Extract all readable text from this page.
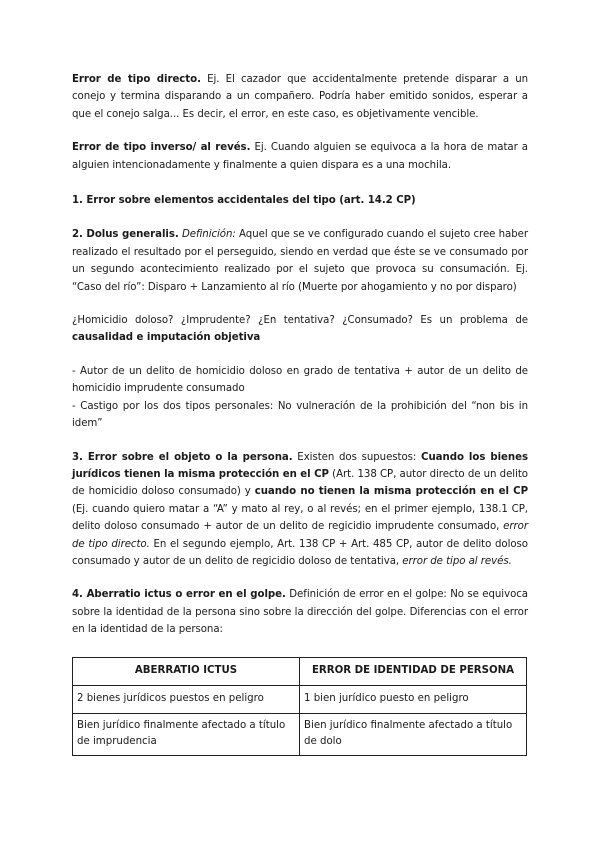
Error de tipo directo. Ej. El cazador que accidentalmente pretende disparar a un conejo y termina disparando a un compañero. Podría haber emitido sonidos, esperar a que el conejo salga... Es decir, el error, en este caso, es objetivamente vencible.

Error de tipo inverso/ al revés. Ej. Cuando alguien se equivoca a la hora de matar a alguien intencionadamente y finalmente a quien dispara es a una mochila.

1. Error sobre elementos accidentales del tipo (art. 14.2 CP)

2. Dolus generalis. Definición: Aquel que se ve configurado cuando el sujeto cree haber realizado el resultado por el perseguido, siendo en verdad que éste se ve consumado por un segundo acontecimiento realizado por el sujeto que provoca su consumación. Ej. “Caso del río”: Disparo + Lanzamiento al río (Muerte por ahogamiento y no por disparo)

¿Homicidio doloso? ¿Imprudente? ¿En tentativa? ¿Consumado? Es un problema de causalidad e imputación objetiva

- Autor de un delito de homicidio doloso en grado de tentativa + autor de un delito de homicidio imprudente consumado
- Castigo por los dos tipos personales: No vulneración de la prohibición del “non bis in idem”

3. Error sobre el objeto o la persona. Existen dos supuestos: Cuando los bienes jurídicos tienen la misma protección en el CP (Art. 138 CP, autor directo de un delito de homicidio doloso consumado) y cuando no tienen la misma protección en el CP (Ej. cuando quiero matar a “A” y mato al rey, o al revés; en el primer ejemplo, 138.1 CP, delito doloso consumado + autor de un delito de regicidio imprudente consumado, error de tipo directo. En el segundo ejemplo, Art. 138 CP + Art. 485 CP, autor de delito doloso consumado y autor de un delito de regicidio doloso de tentativa, error de tipo al revés.

4. Aberratio ictus o error en el golpe. Definición de error en el golpe: No se equivoca sobre la identidad de la persona sino sobre la dirección del golpe. Diferencias con el error en la identidad de la persona:

ABERRATIO ICTUS	ERROR DE IDENTIDAD DE PERSONA
2 bienes jurídicos puestos en peligro	1 bien jurídico puesto en peligro
Bien jurídico finalmente afectado a título de imprudencia	Bien jurídico finalmente afectado a título de dolo
